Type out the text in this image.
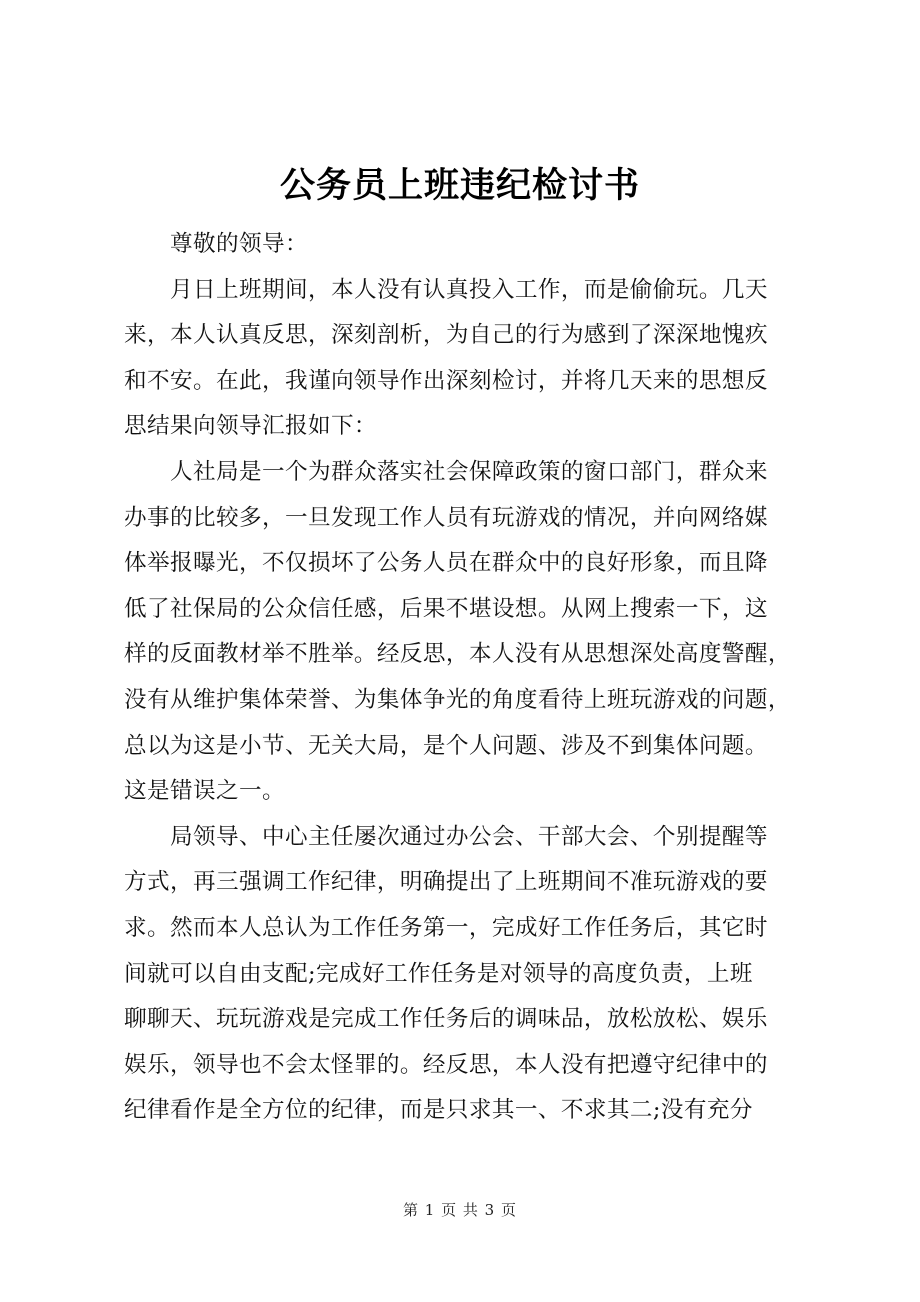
公务员上班违纪检讨书
尊敬的领导：
月日上班期间，本人没有认真投入工作，而是偷偷玩。几天
来，本人认真反思，深刻剖析，为自己的行为感到了深深地愧疚
和不安。在此，我谨向领导作出深刻检讨，并将几天来的思想反
思结果向领导汇报如下：
人社局是一个为群众落实社会保障政策的窗口部门，群众来
办事的比较多，一旦发现工作人员有玩游戏的情况，并向网络媒
体举报曝光，不仅损坏了公务人员在群众中的良好形象，而且降
低了社保局的公众信任感，后果不堪设想。从网上搜索一下，这
样的反面教材举不胜举。经反思，本人没有从思想深处高度警醒，
没有从维护集体荣誉、为集体争光的角度看待上班玩游戏的问题，
总以为这是小节、无关大局，是个人问题、涉及不到集体问题。
这是错误之一。
局领导、中心主任屡次通过办公会、干部大会、个别提醒等
方式，再三强调工作纪律，明确提出了上班期间不准玩游戏的要
求。然而本人总认为工作任务第一，完成好工作任务后，其它时
间就可以自由支配;完成好工作任务是对领导的高度负责，上班
聊聊天、玩玩游戏是完成工作任务后的调味品，放松放松、娱乐
娱乐，领导也不会太怪罪的。经反思，本人没有把遵守纪律中的
纪律看作是全方位的纪律，而是只求其一、不求其二;没有充分
第 1 页 共 3 页
